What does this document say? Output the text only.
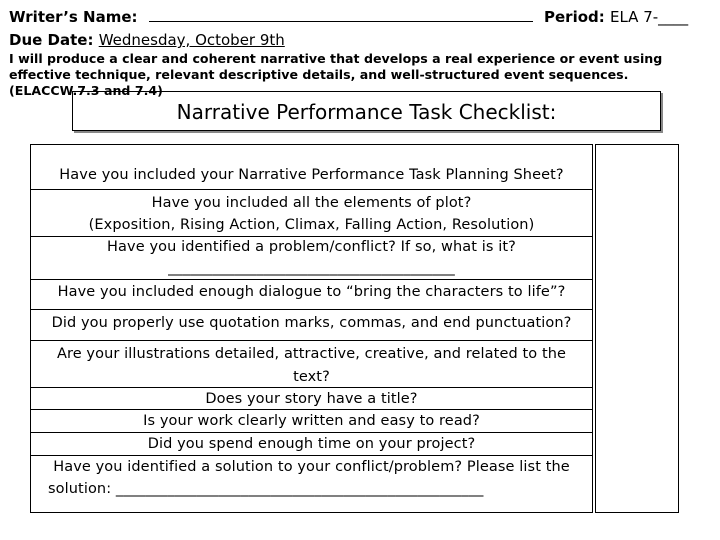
Writer’s Name:	Period: ELA 7-____
Due Date: Wednesday, October 9th
I will produce a clear and coherent narrative that develops a real experience or event using effective technique, relevant descriptive details, and well-structured event sequences. (ELACCW.7.3 and 7.4)
Narrative Performance Task Checklist:
Have you included your Narrative Performance Task Planning Sheet?
Have you included all the elements of plot?
(Exposition, Rising Action, Climax, Falling Action, Resolution)
Have you identified a problem/conflict? If so, what is it?
_______________________________________
Have you included enough dialogue to “bring the characters to life”?
Did you properly use quotation marks, commas, and end punctuation?
Are your illustrations detailed, attractive, creative, and related to the
text?
Does your story have a title?
Is your work clearly written and easy to read?
Did you spend enough time on your project?
Have you identified a solution to your conflict/problem? Please list the
solution: __________________________________________________
